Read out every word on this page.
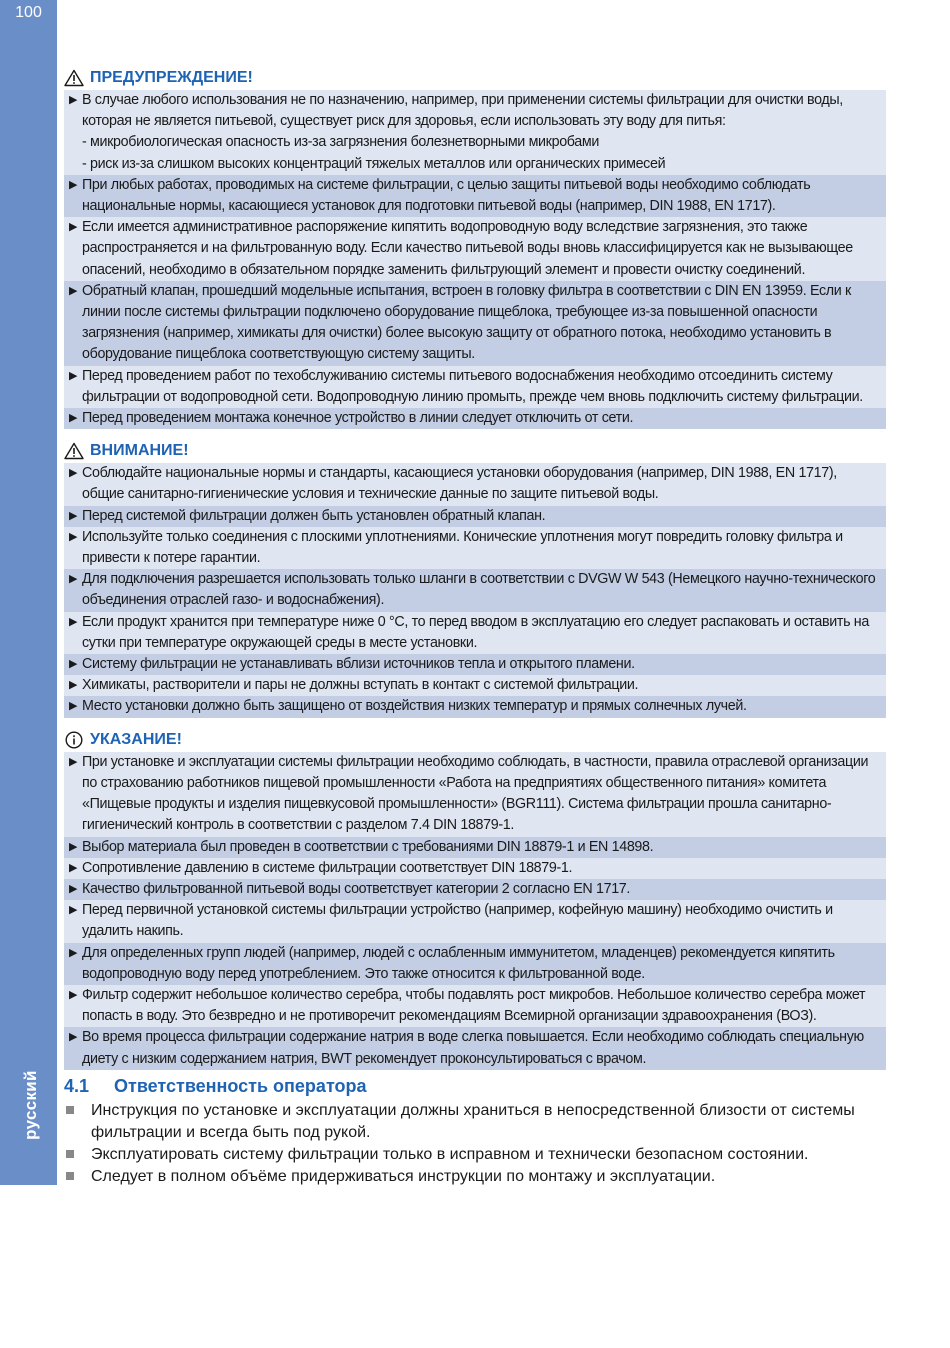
100
русский
ПРЕДУПРЕЖДЕНИЕ!
▶ В случае любого использования не по назначению, например, при применении системы фильтрации для очистки воды, которая не является питьевой, существует риск для здоровья, если использовать эту воду для питья:
- микробиологическая опасность из-за загрязнения болезнетворными микробами
- риск из-за слишком высоких концентраций тяжелых металлов или органических примесей
▶ При любых работах, проводимых на системе фильтрации, с целью защиты питьевой воды необходимо соблюдать национальные нормы, касающиеся установок для подготовки питьевой воды (например, DIN 1988, EN 1717).
▶ Если имеется административное распоряжение кипятить водопроводную воду вследствие загрязнения, это также распространяется и на фильтрованную воду. Если качество питьевой воды вновь классифицируется как не вызывающее опасений, необходимо в обязательном порядке заменить фильтрующий элемент и провести очистку соединений.
▶ Обратный клапан, прошедший модельные испытания, встроен в головку фильтра в соответствии с DIN EN 13959. Если к линии после системы фильтрации подключено оборудование пищеблока, требующее из-за повышенной опасности загрязнения (например, химикаты для очистки) более высокую защиту от обратного потока, необходимо установить в оборудование пищеблока соответствующую систему защиты.
▶ Перед проведением работ по техобслуживанию системы питьевого водоснабжения необходимо отсоединить систему фильтрации от водопроводной сети. Водопроводную линию промыть, прежде чем вновь подключить систему фильтрации.
▶ Перед проведением монтажа конечное устройство в линии следует отключить от сети.
ВНИМАНИЕ!
▶ Соблюдайте национальные нормы и стандарты, касающиеся установки оборудования (например, DIN 1988, EN 1717), общие санитарно-гигиенические условия и технические данные по защите питьевой воды.
▶ Перед системой фильтрации должен быть установлен обратный клапан.
▶ Используйте только соединения с плоскими уплотнениями. Конические уплотнения могут повредить головку фильтра и привести к потере гарантии.
▶ Для подключения разрешается использовать только шланги в соответствии с DVGW W 543 (Немецкого научно-технического объединения отраслей газо- и водоснабжения).
▶ Если продукт хранится при температуре ниже 0 °C, то перед вводом в эксплуатацию его следует распаковать и оставить на сутки при температуре окружающей среды в месте установки.
▶ Систему фильтрации не устанавливать вблизи источников тепла и открытого пламени.
▶ Химикаты, растворители и пары не должны вступать в контакт с системой фильтрации.
▶ Место установки должно быть защищено от воздействия низких температур и прямых солнечных лучей.
УКАЗАНИЕ!
▶ При установке и эксплуатации системы фильтрации необходимо соблюдать, в частности, правила отраслевой организации по страхованию работников пищевой промышленности «Работа на предприятиях общественного питания» комитета «Пищевые продукты и изделия пищевкусовой промышленности» (BGR111). Система фильтрации прошла санитарно-гигиенический контроль в соответствии с разделом 7.4 DIN 18879-1.
▶ Выбор материала был проведен в соответствии с требованиями DIN 18879-1 и EN 14898.
▶ Сопротивление давлению в системе фильтрации соответствует DIN 18879-1.
▶ Качество фильтрованной питьевой воды соответствует категории 2 согласно EN 1717.
▶ Перед первичной установкой системы фильтрации устройство (например, кофейную машину) необходимо очистить и удалить накипь.
▶ Для определенных групп людей (например, людей с ослабленным иммунитетом, младенцев) рекомендуется кипятить водопроводную воду перед употреблением. Это также относится к фильтрованной воде.
▶ Фильтр содержит небольшое количество серебра, чтобы подавлять рост микробов. Небольшое количество серебра может попасть в воду. Это безвредно и не противоречит рекомендациям Всемирной организации здравоохранения (ВОЗ).
▶ Во время процесса фильтрации содержание натрия в воде слегка повышается. Если необходимо соблюдать специальную диету с низким содержанием натрия, BWT рекомендует проконсультироваться с врачом.
4.1	Ответственность оператора
Инструкция по установке и эксплуатации должны храниться в непосредственной близости от системы фильтрации и всегда быть под рукой.
Эксплуатировать систему фильтрации только в исправном и технически безопасном состоянии.
Следует в полном объёме придерживаться инструкции по монтажу и эксплуатации.
